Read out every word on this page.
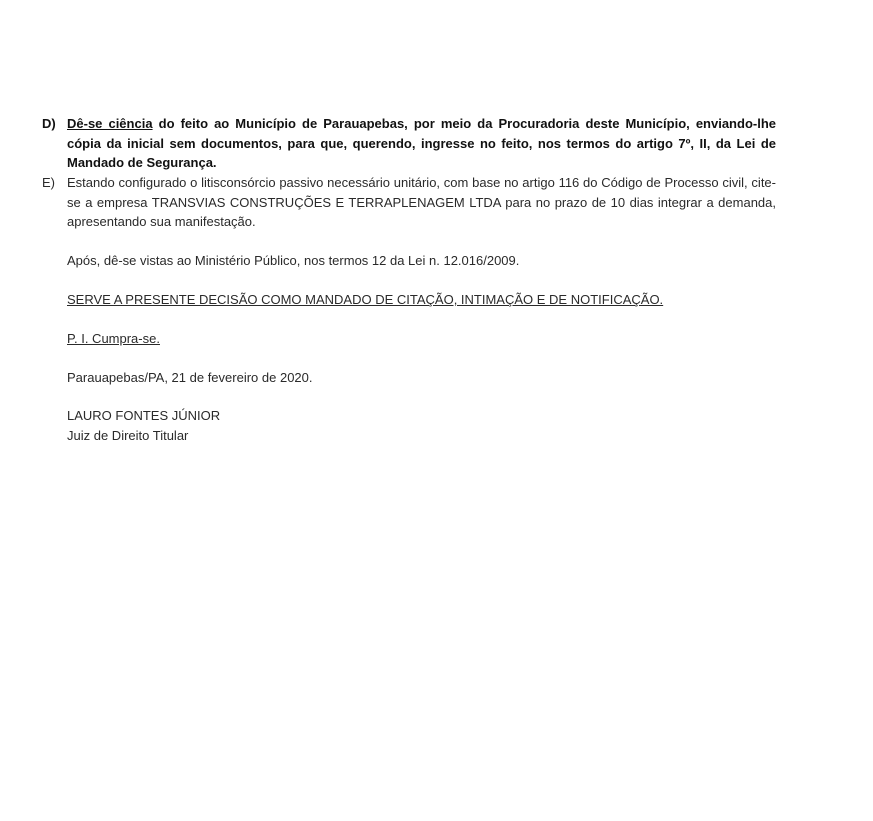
D) Dê-se ciência do feito ao Município de Parauapebas, por meio da Procuradoria deste Município, enviando-lhe cópia da inicial sem documentos, para que, querendo, ingresse no feito, nos termos do artigo 7º, II, da Lei de Mandado de Segurança.
E) Estando configurado o litisconsórcio passivo necessário unitário, com base no artigo 116 do Código de Processo civil, cite-se a empresa TRANSVIAS CONSTRUÇÕES E TERRAPLENAGEM LTDA para no prazo de 10 dias integrar a demanda, apresentando sua manifestação.
Após, dê-se vistas ao Ministério Público, nos termos 12 da Lei n. 12.016/2009.
SERVE A PRESENTE DECISÃO COMO MANDADO DE CITAÇÃO, INTIMAÇÃO E DE NOTIFICAÇÃO.
P. I. Cumpra-se.
Parauapebas/PA, 21 de fevereiro de 2020.
LAURO FONTES JÚNIOR
Juiz de Direito Titular
